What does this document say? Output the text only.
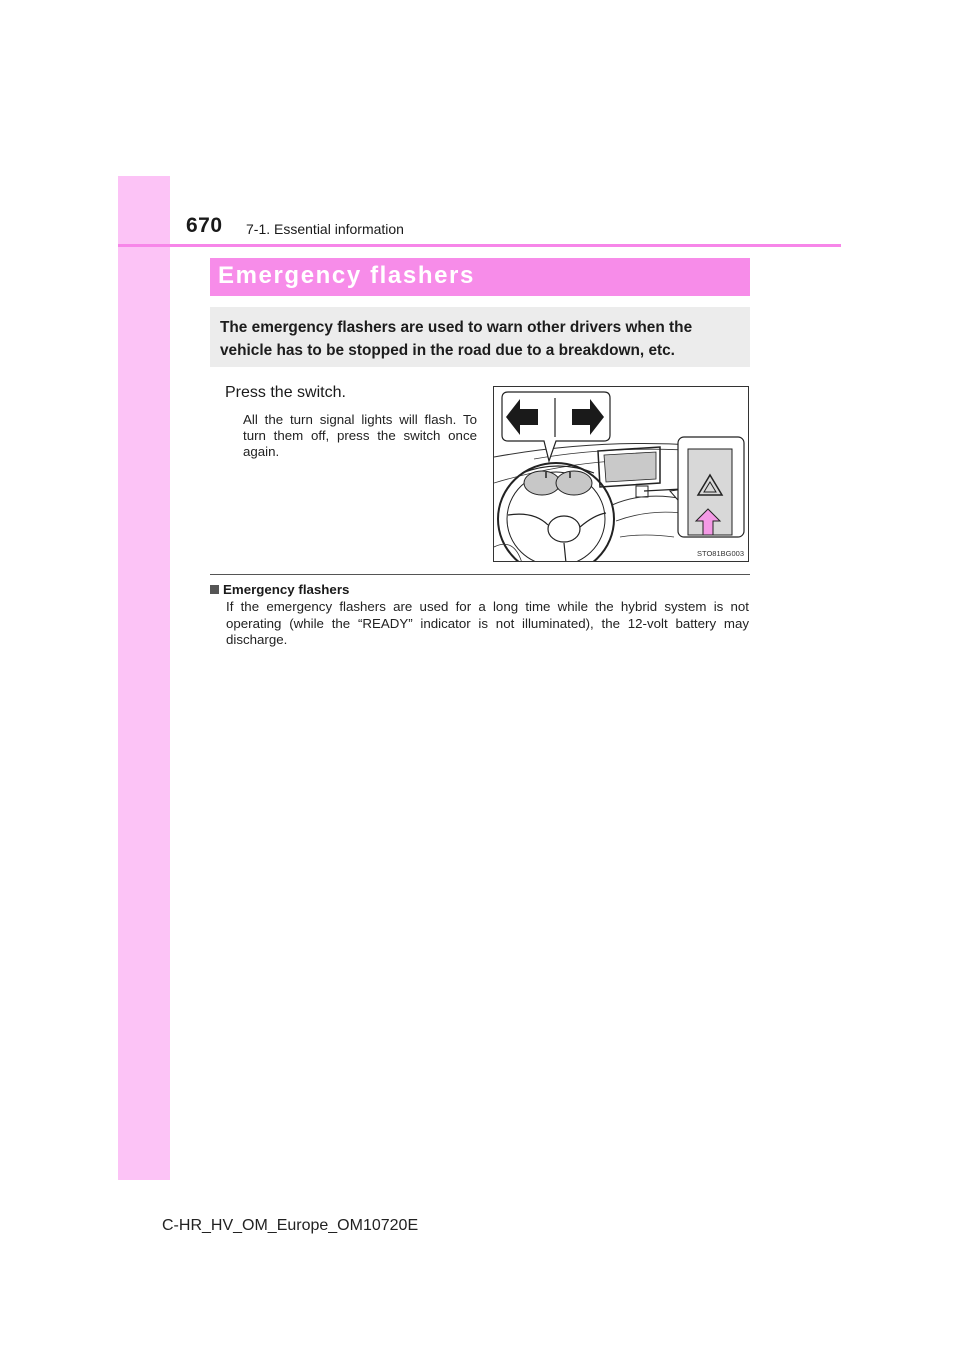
670 7-1. Essential information
Emergency flashers

The emergency flashers are used to warn other drivers when the vehicle has to be stopped in the road due to a breakdown, etc.

Press the switch.
All the turn signal lights will flash. To turn them off, press the switch once again.
STO81BG003
Emergency flashers
If the emergency flashers are used for a long time while the hybrid system is not operating (while the “READY” indicator is not illuminated), the 12-volt battery may discharge.
C-HR_HV_OM_Europe_OM10720E
